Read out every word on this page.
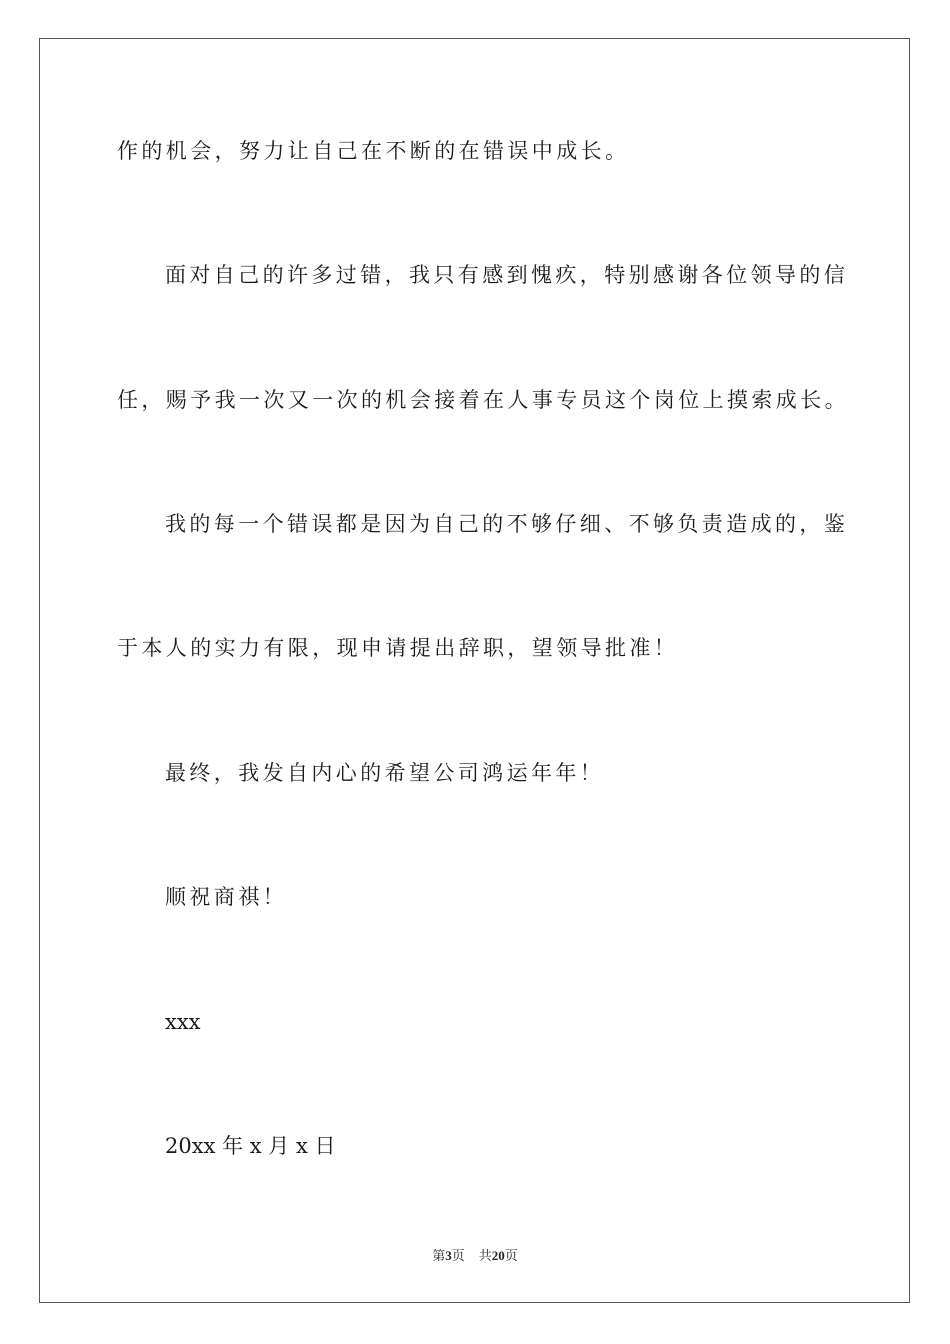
作的机会，努力让自己在不断的在错误中成长。

面对自己的许多过错，我只有感到愧疚，特别感谢各位领导的信

任，赐予我一次又一次的机会接着在人事专员这个岗位上摸索成长。

我的每一个错误都是因为自己的不够仔细、不够负责造成的，鉴

于本人的实力有限，现申请提出辞职，望领导批准！

最终，我发自内心的希望公司鸿运年年！

顺祝商祺！

xxx

20xx 年 x 月 x 日

第3页 共20页
